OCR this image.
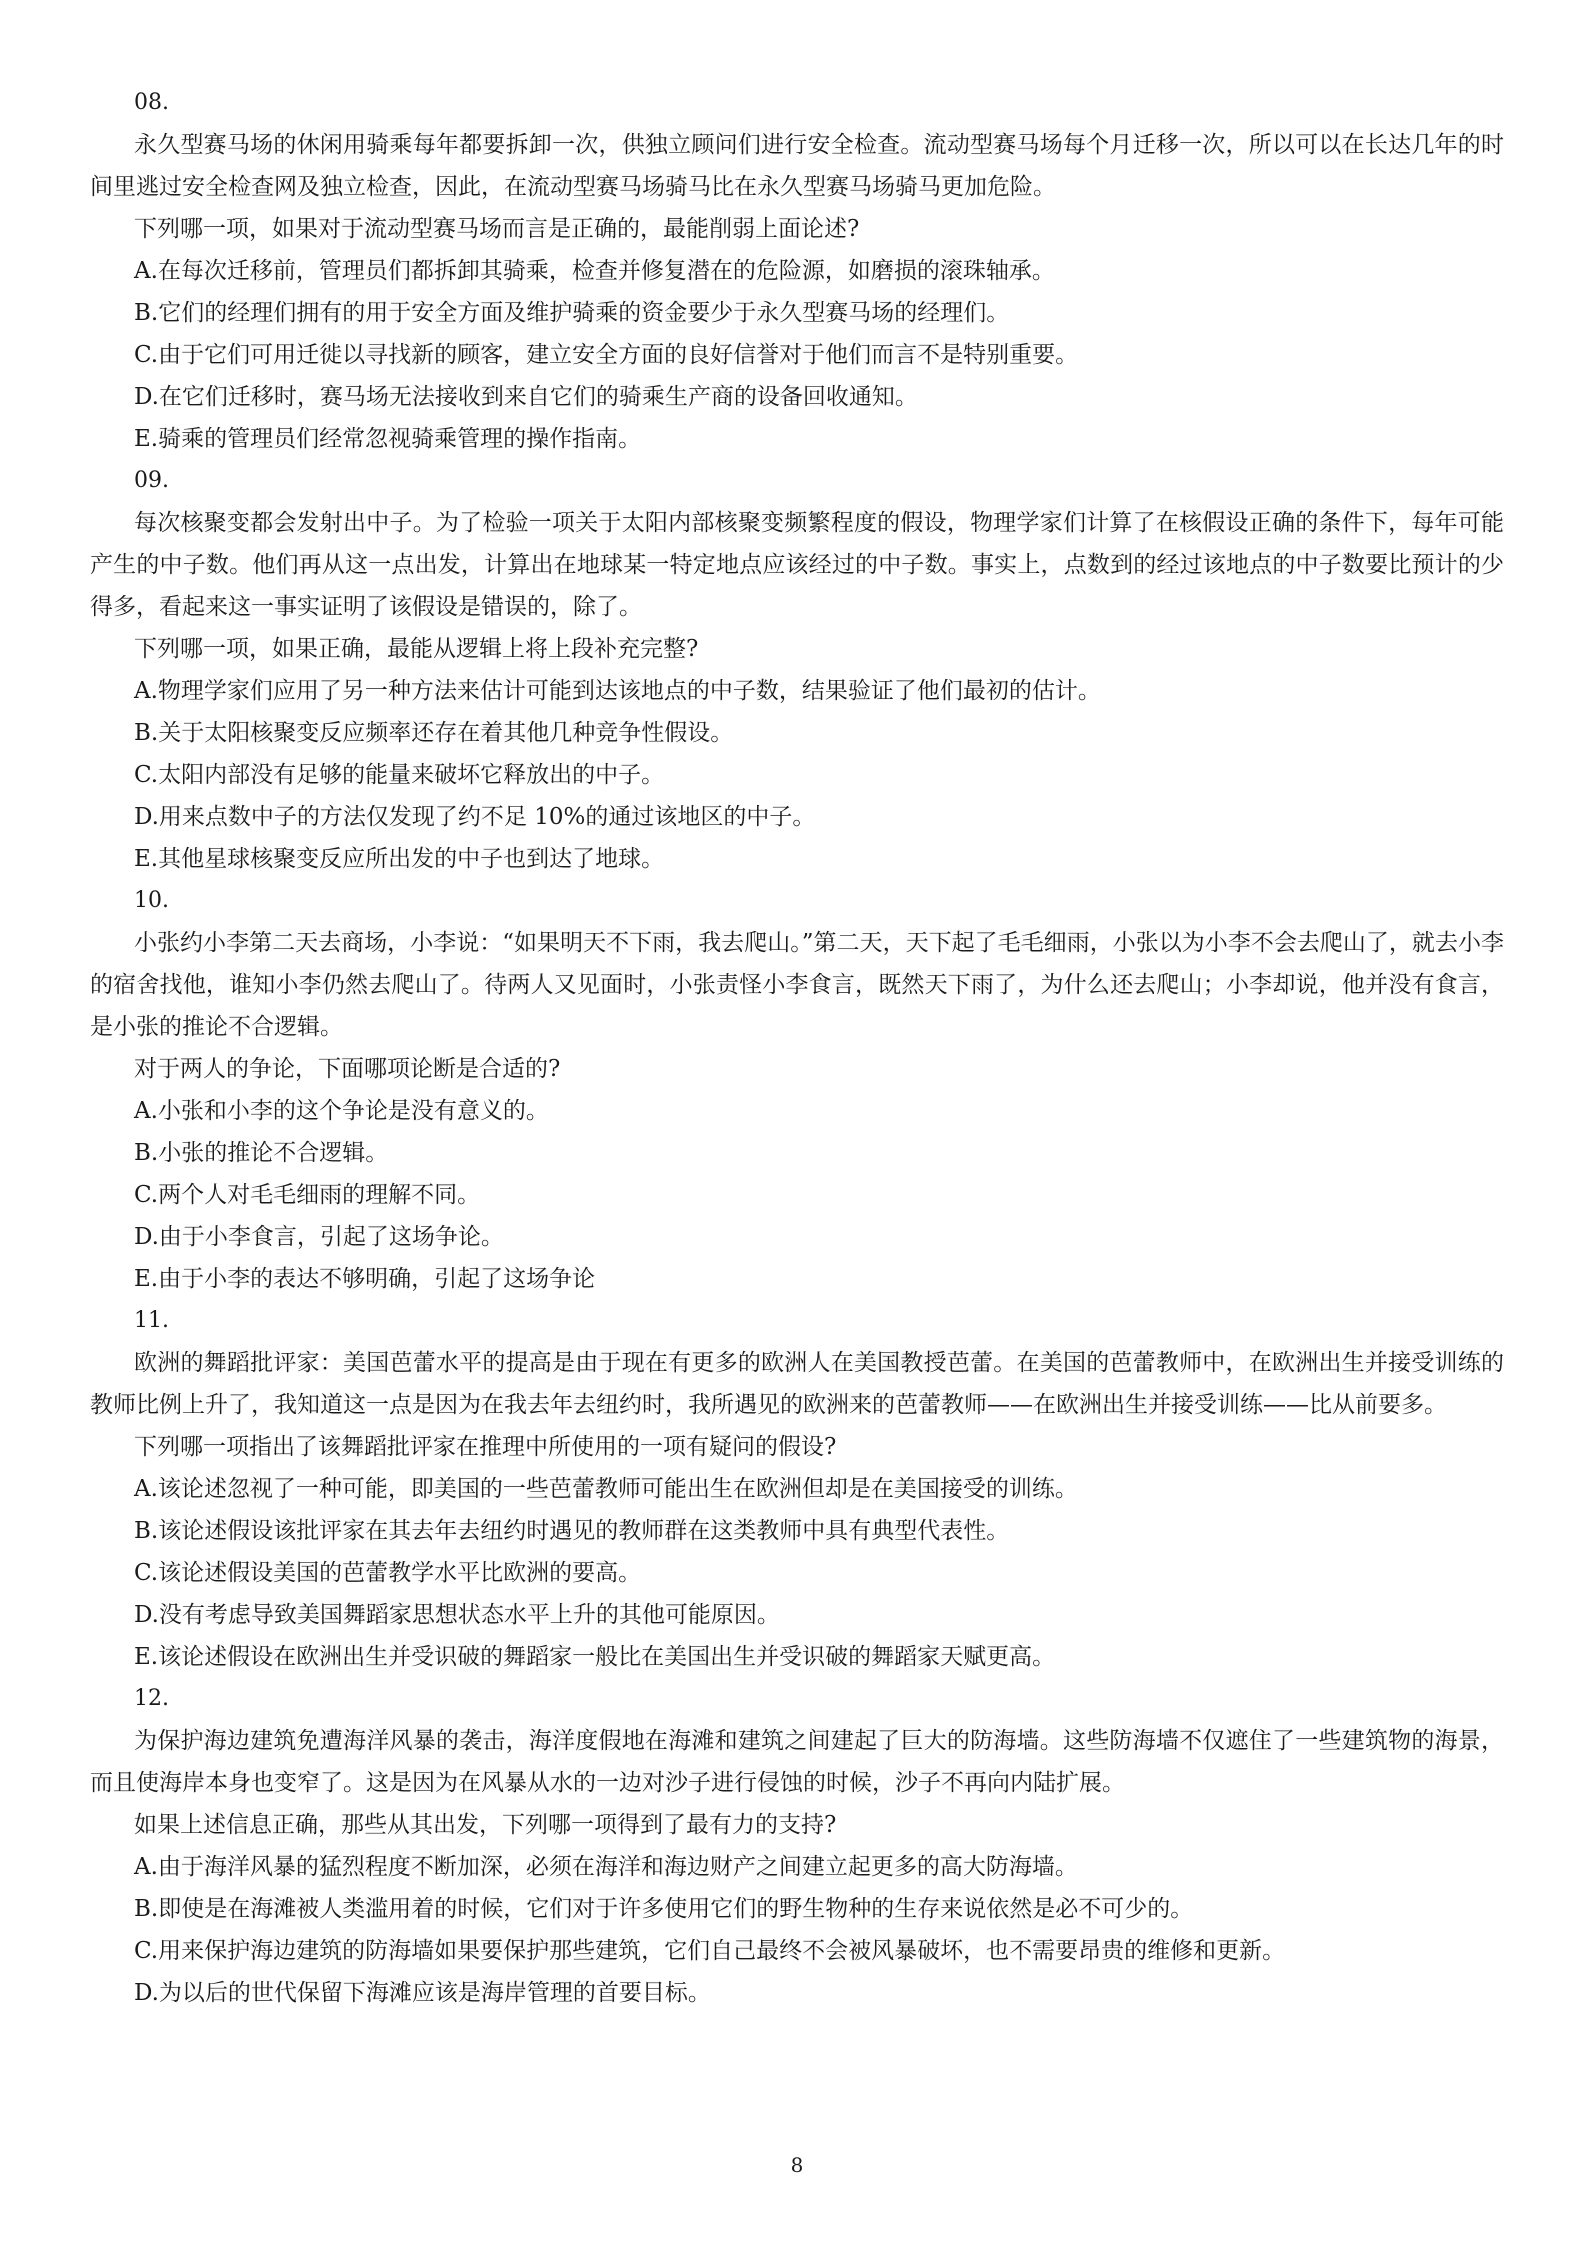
08.

永久型赛马场的休闲用骑乘每年都要拆卸一次，供独立顾问们进行安全检查。流动型赛马场每个月迁移一次，所以可以在长达几年的时间里逃过安全检查网及独立检查，因此，在流动型赛马场骑马比在永久型赛马场骑马更加危险。

下列哪一项，如果对于流动型赛马场而言是正确的，最能削弱上面论述?

A.在每次迁移前，管理员们都拆卸其骑乘，检查并修复潜在的危险源，如磨损的滚珠轴承。
B.它们的经理们拥有的用于安全方面及维护骑乘的资金要少于永久型赛马场的经理们。
C.由于它们可用迁徙以寻找新的顾客，建立安全方面的良好信誉对于他们而言不是特别重要。
D.在它们迁移时，赛马场无法接收到来自它们的骑乘生产商的设备回收通知。
E.骑乘的管理员们经常忽视骑乘管理的操作指南。
09.

每次核聚变都会发射出中子。为了检验一项关于太阳内部核聚变频繁程度的假设，物理学家们计算了在核假设正确的条件下，每年可能产生的中子数。他们再从这一点出发，计算出在地球某一特定地点应该经过的中子数。事实上，点数到的经过该地点的中子数要比预计的少得多，看起来这一事实证明了该假设是错误的，除了。

下列哪一项，如果正确，最能从逻辑上将上段补充完整?

A.物理学家们应用了另一种方法来估计可能到达该地点的中子数，结果验证了他们最初的估计。
B.关于太阳核聚变反应频率还存在着其他几种竞争性假设。
C.太阳内部没有足够的能量来破坏它释放出的中子。
D.用来点数中子的方法仅发现了约不足 10%的通过该地区的中子。
E.其他星球核聚变反应所出发的中子也到达了地球。
10.

小张约小李第二天去商场，小李说：“如果明天不下雨，我去爬山。”第二天，天下起了毛毛细雨，小张以为小李不会去爬山了，就去小李的宿舍找他，谁知小李仍然去爬山了。待两人又见面时，小张责怪小李食言，既然天下雨了，为什么还去爬山；小李却说，他并没有食言，是小张的推论不合逻辑。

对于两人的争论，下面哪项论断是合适的?

A.小张和小李的这个争论是没有意义的。
B.小张的推论不合逻辑。
C.两个人对毛毛细雨的理解不同。
D.由于小李食言，引起了这场争论。
E.由于小李的表达不够明确，引起了这场争论
11.

欧洲的舞蹈批评家：美国芭蕾水平的提高是由于现在有更多的欧洲人在美国教授芭蕾。在美国的芭蕾教师中，在欧洲出生并接受训练的教师比例上升了，我知道这一点是因为在我去年去纽约时，我所遇见的欧洲来的芭蕾教师——在欧洲出生并接受训练——比从前要多。

下列哪一项指出了该舞蹈批评家在推理中所使用的一项有疑问的假设?

A.该论述忽视了一种可能，即美国的一些芭蕾教师可能出生在欧洲但却是在美国接受的训练。
B.该论述假设该批评家在其去年去纽约时遇见的教师群在这类教师中具有典型代表性。
C.该论述假设美国的芭蕾教学水平比欧洲的要高。
D.没有考虑导致美国舞蹈家思想状态水平上升的其他可能原因。
E.该论述假设在欧洲出生并受识破的舞蹈家一般比在美国出生并受识破的舞蹈家天赋更高。
12.

为保护海边建筑免遭海洋风暴的袭击，海洋度假地在海滩和建筑之间建起了巨大的防海墙。这些防海墙不仅遮住了一些建筑物的海景，而且使海岸本身也变窄了。这是因为在风暴从水的一边对沙子进行侵蚀的时候，沙子不再向内陆扩展。

如果上述信息正确，那些从其出发，下列哪一项得到了最有力的支持?

A.由于海洋风暴的猛烈程度不断加深，必须在海洋和海边财产之间建立起更多的高大防海墙。
B.即使是在海滩被人类滥用着的时候，它们对于许多使用它们的野生物种的生存来说依然是必不可少的。
C.用来保护海边建筑的防海墙如果要保护那些建筑，它们自己最终不会被风暴破坏，也不需要昂贵的维修和更新。
D.为以后的世代保留下海滩应该是海岸管理的首要目标。
8
